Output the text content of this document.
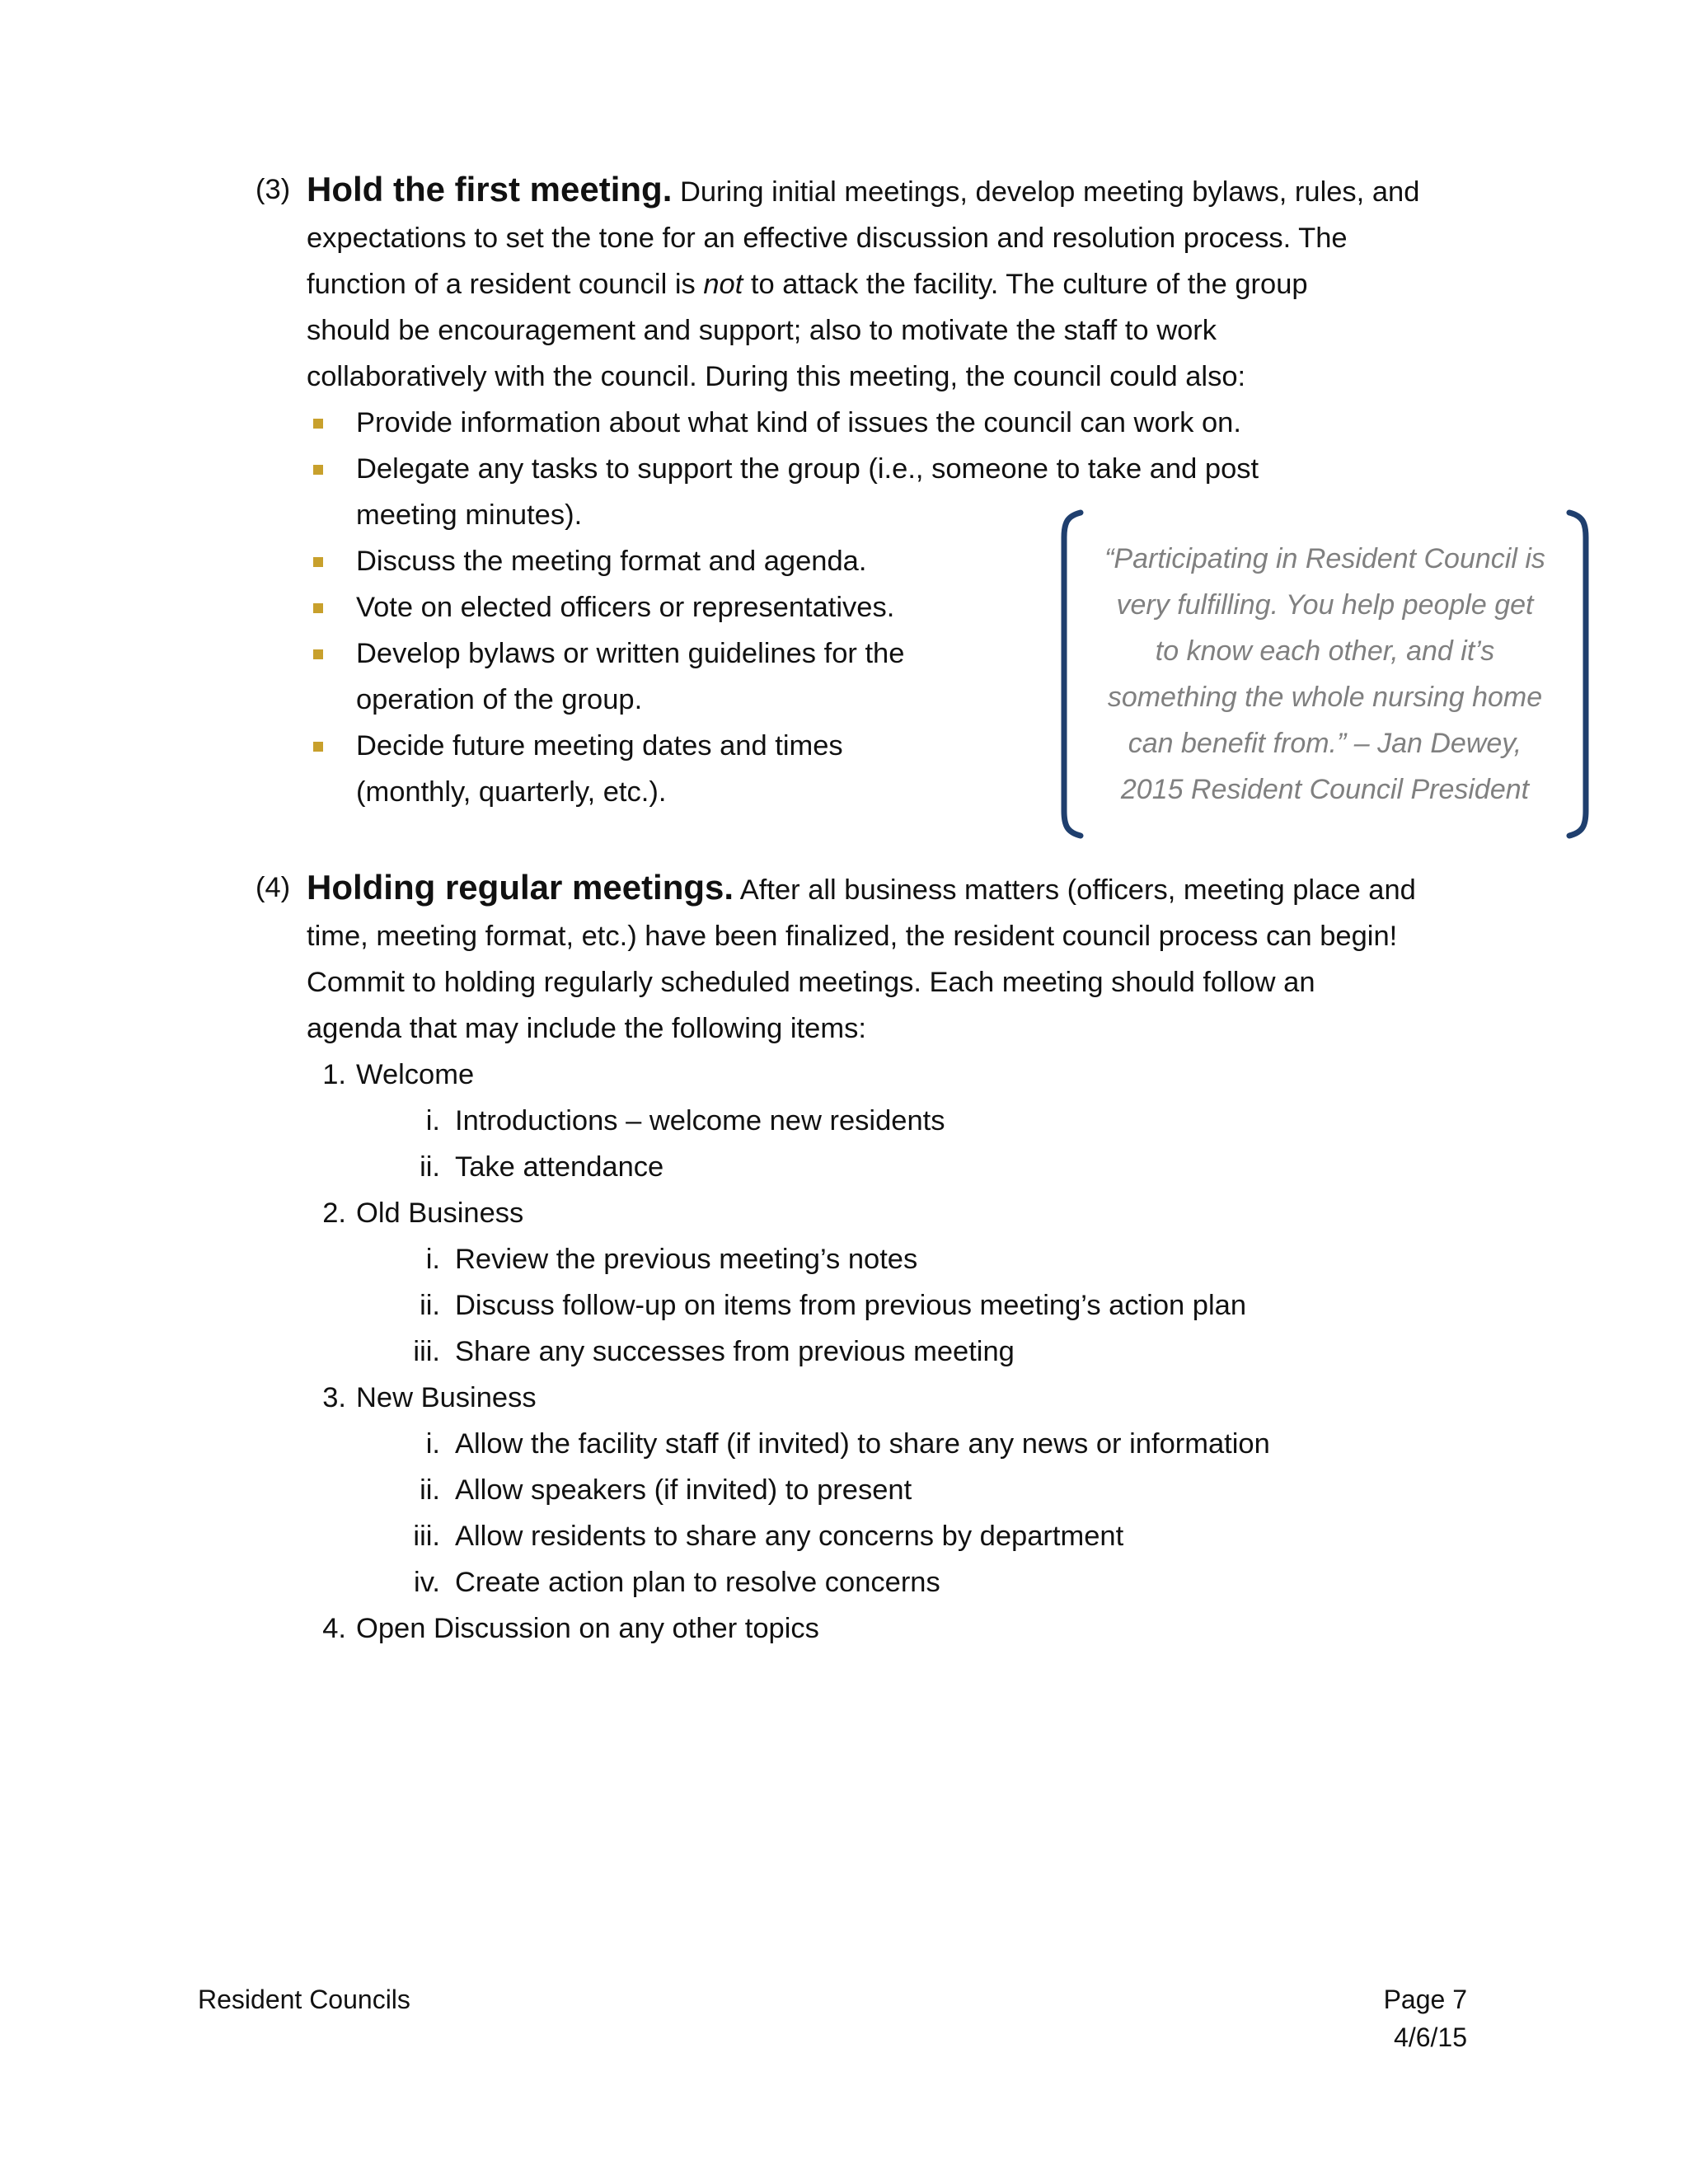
(3) Hold the first meeting. During initial meetings, develop meeting bylaws, rules, and
expectations to set the tone for an effective discussion and resolution process. The
function of a resident council is not to attack the facility. The culture of the group
should be encouragement and support; also to motivate the staff to work
collaboratively with the council. During this meeting, the council could also:
Provide information about what kind of issues the council can work on.
Delegate any tasks to support the group (i.e., someone to take and post
meeting minutes).
Discuss the meeting format and agenda.
Vote on elected officers or representatives.
Develop bylaws or written guidelines for the
operation of the group.
Decide future meeting dates and times
(monthly, quarterly, etc.).
“Participating in Resident Council is
very fulfilling. You help people get
to know each other, and it’s
something the whole nursing home
can benefit from.” – Jan Dewey,
2015 Resident Council President
(4) Holding regular meetings. After all business matters (officers, meeting place and
time, meeting format, etc.) have been finalized, the resident council process can begin!
Commit to holding regularly scheduled meetings. Each meeting should follow an
agenda that may include the following items:
1. Welcome
i. Introductions – welcome new residents
ii. Take attendance
2. Old Business
i. Review the previous meeting’s notes
ii. Discuss follow-up on items from previous meeting’s action plan
iii. Share any successes from previous meeting
3. New Business
i. Allow the facility staff (if invited) to share any news or information
ii. Allow speakers (if invited) to present
iii. Allow residents to share any concerns by department
iv. Create action plan to resolve concerns
4. Open Discussion on any other topics
Resident Councils	Page 7
4/6/15
